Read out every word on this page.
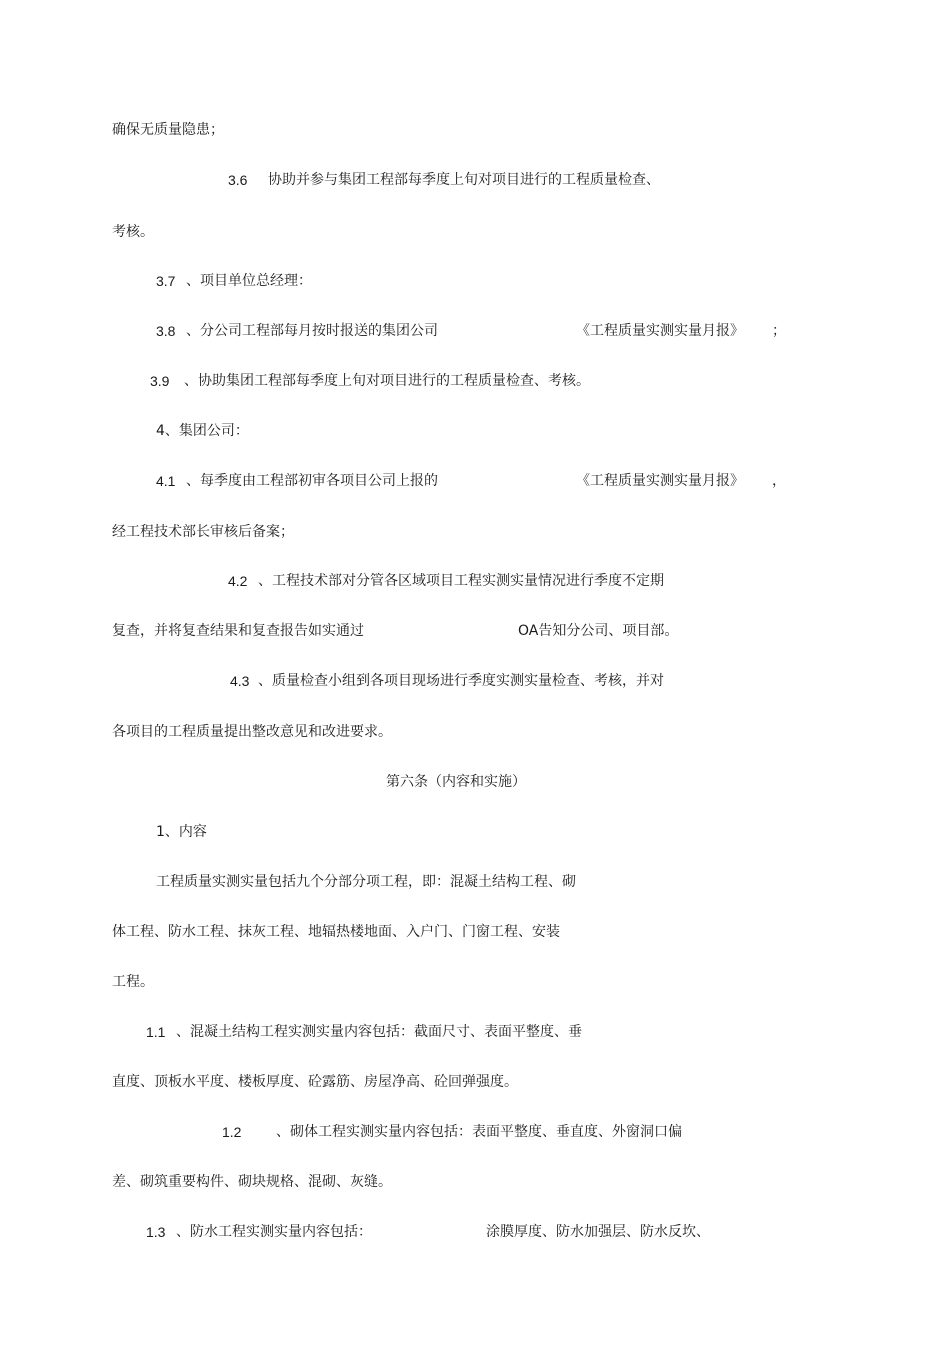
确保无质量隐患；
3.6 协助并参与集团工程部每季度上旬对项目进行的工程质量检查、
考核。
3.7 、项目单位总经理：
3.8 、分公司工程部每月按时报送的集团公司	《工程质量实测实量月报》 ；
3.9 、协助集团工程部每季度上旬对项目进行的工程质量检查、考核。
4、集团公司：
4.1 、每季度由工程部初审各项目公司上报的	《工程质量实测实量月报》 ，
经工程技术部长审核后备案；
4.2 、工程技术部对分管各区域项目工程实测实量情况进行季度不定期
复查，并将复查结果和复查报告如实通过	OA告知分公司、项目部。
4.3 、质量检查小组到各项目现场进行季度实测实量检查、考核，并对
各项目的工程质量提出整改意见和改进要求。
第六条（内容和实施）
1、内容
工程质量实测实量包括九个分部分项工程，即：混凝土结构工程、砌
体工程、防水工程、抹灰工程、地辐热楼地面、入户门、门窗工程、安装
工程。
1.1 、混凝土结构工程实测实量内容包括：截面尺寸、表面平整度、垂
直度、顶板水平度、楼板厚度、砼露筋、房屋净高、砼回弹强度。
1.2 、砌体工程实测实量内容包括：表面平整度、垂直度、外窗洞口偏
差、砌筑重要构件、砌块规格、混砌、灰缝。
1.3 、防水工程实测实量内容包括：	涂膜厚度、防水加强层、防水反坎、
